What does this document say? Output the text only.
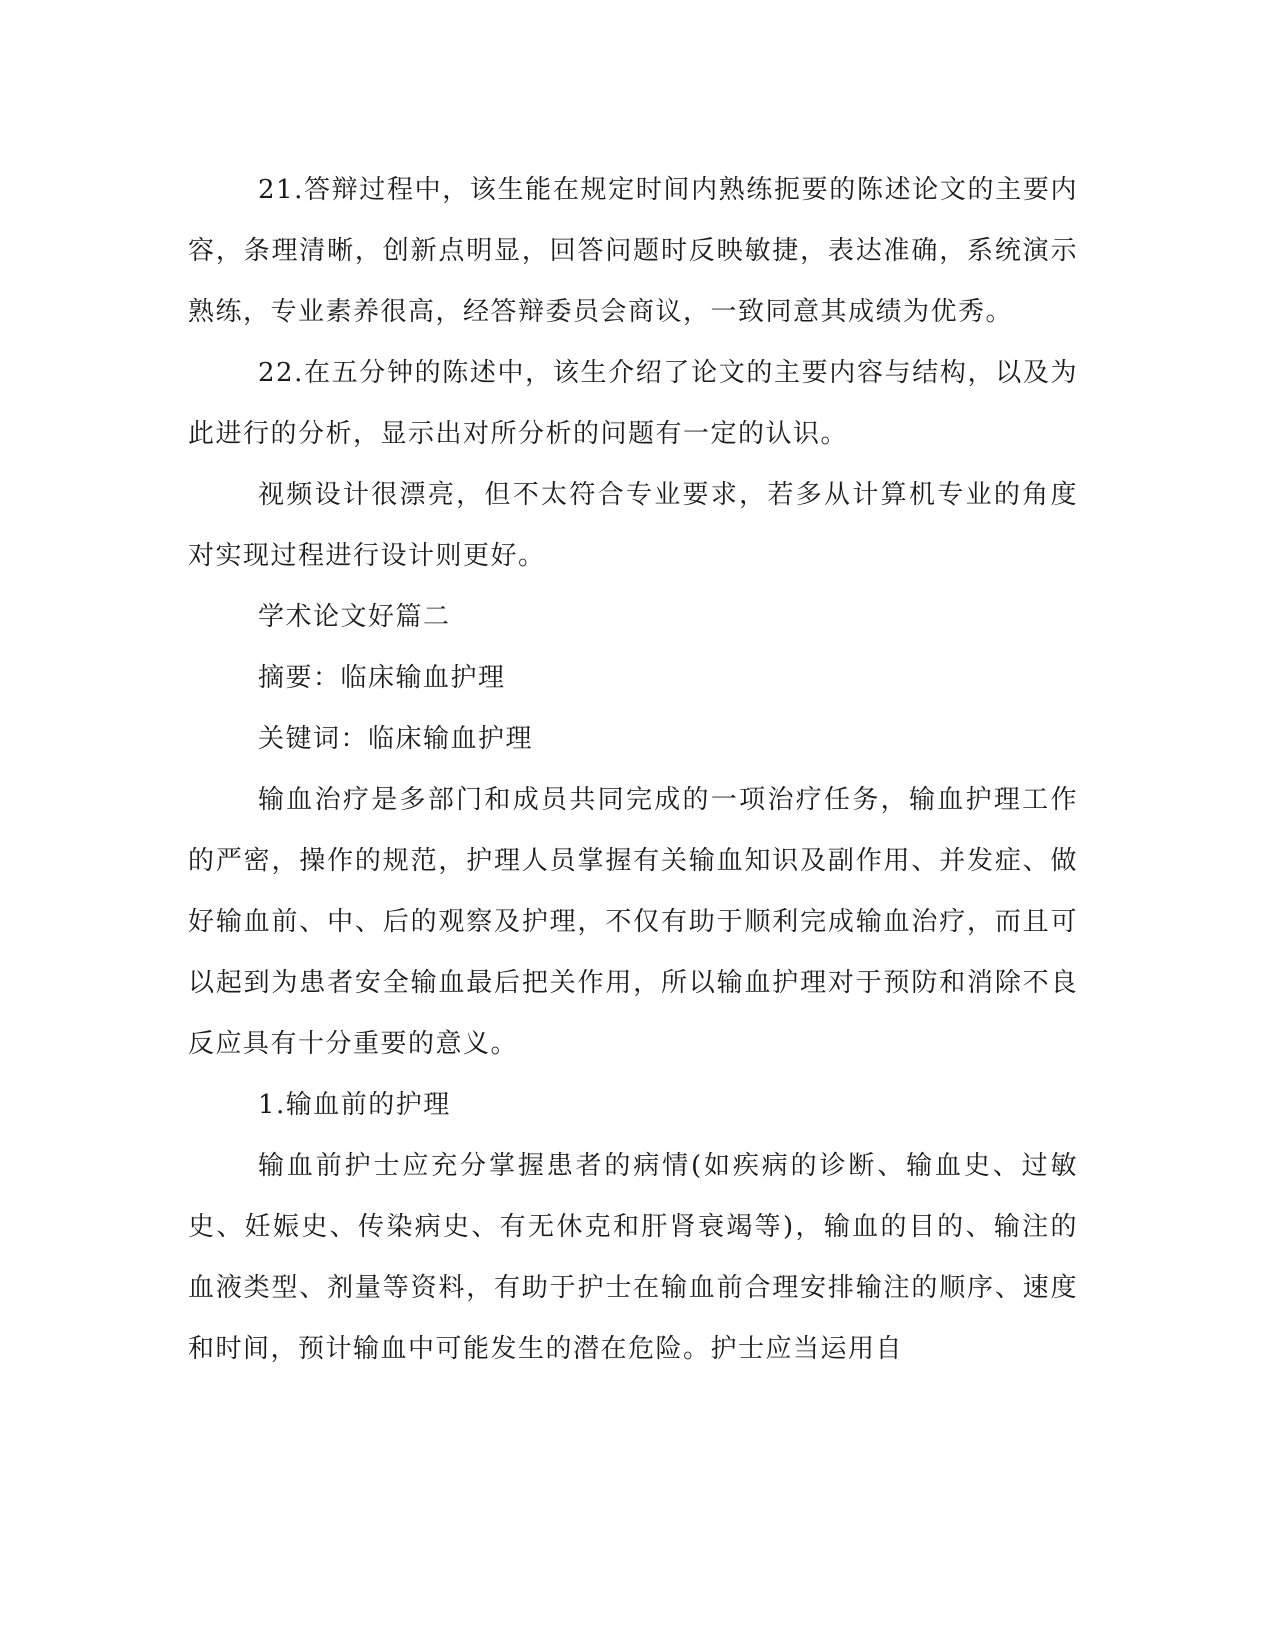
21.答辩过程中，该生能在规定时间内熟练扼要的陈述论文的主要内容，条理清晰，创新点明显，回答问题时反映敏捷，表达准确，系统演示熟练，专业素养很高，经答辩委员会商议，一致同意其成绩为优秀。

22.在五分钟的陈述中，该生介绍了论文的主要内容与结构，以及为此进行的分析，显示出对所分析的问题有一定的认识。

视频设计很漂亮，但不太符合专业要求，若多从计算机专业的角度对实现过程进行设计则更好。

学术论文好篇二

摘要：临床输血护理

关键词：临床输血护理

输血治疗是多部门和成员共同完成的一项治疗任务，输血护理工作的严密，操作的规范，护理人员掌握有关输血知识及副作用、并发症、做好输血前、中、后的观察及护理，不仅有助于顺利完成输血治疗，而且可以起到为患者安全输血最后把关作用，所以输血护理对于预防和消除不良反应具有十分重要的意义。

1.输血前的护理

输血前护士应充分掌握患者的病情(如疾病的诊断、输血史、过敏史、妊娠史、传染病史、有无休克和肝肾衰竭等)，输血的目的、输注的血液类型、剂量等资料，有助于护士在输血前合理安排输注的顺序、速度和时间，预计输血中可能发生的潜在危险。护士应当运用自
